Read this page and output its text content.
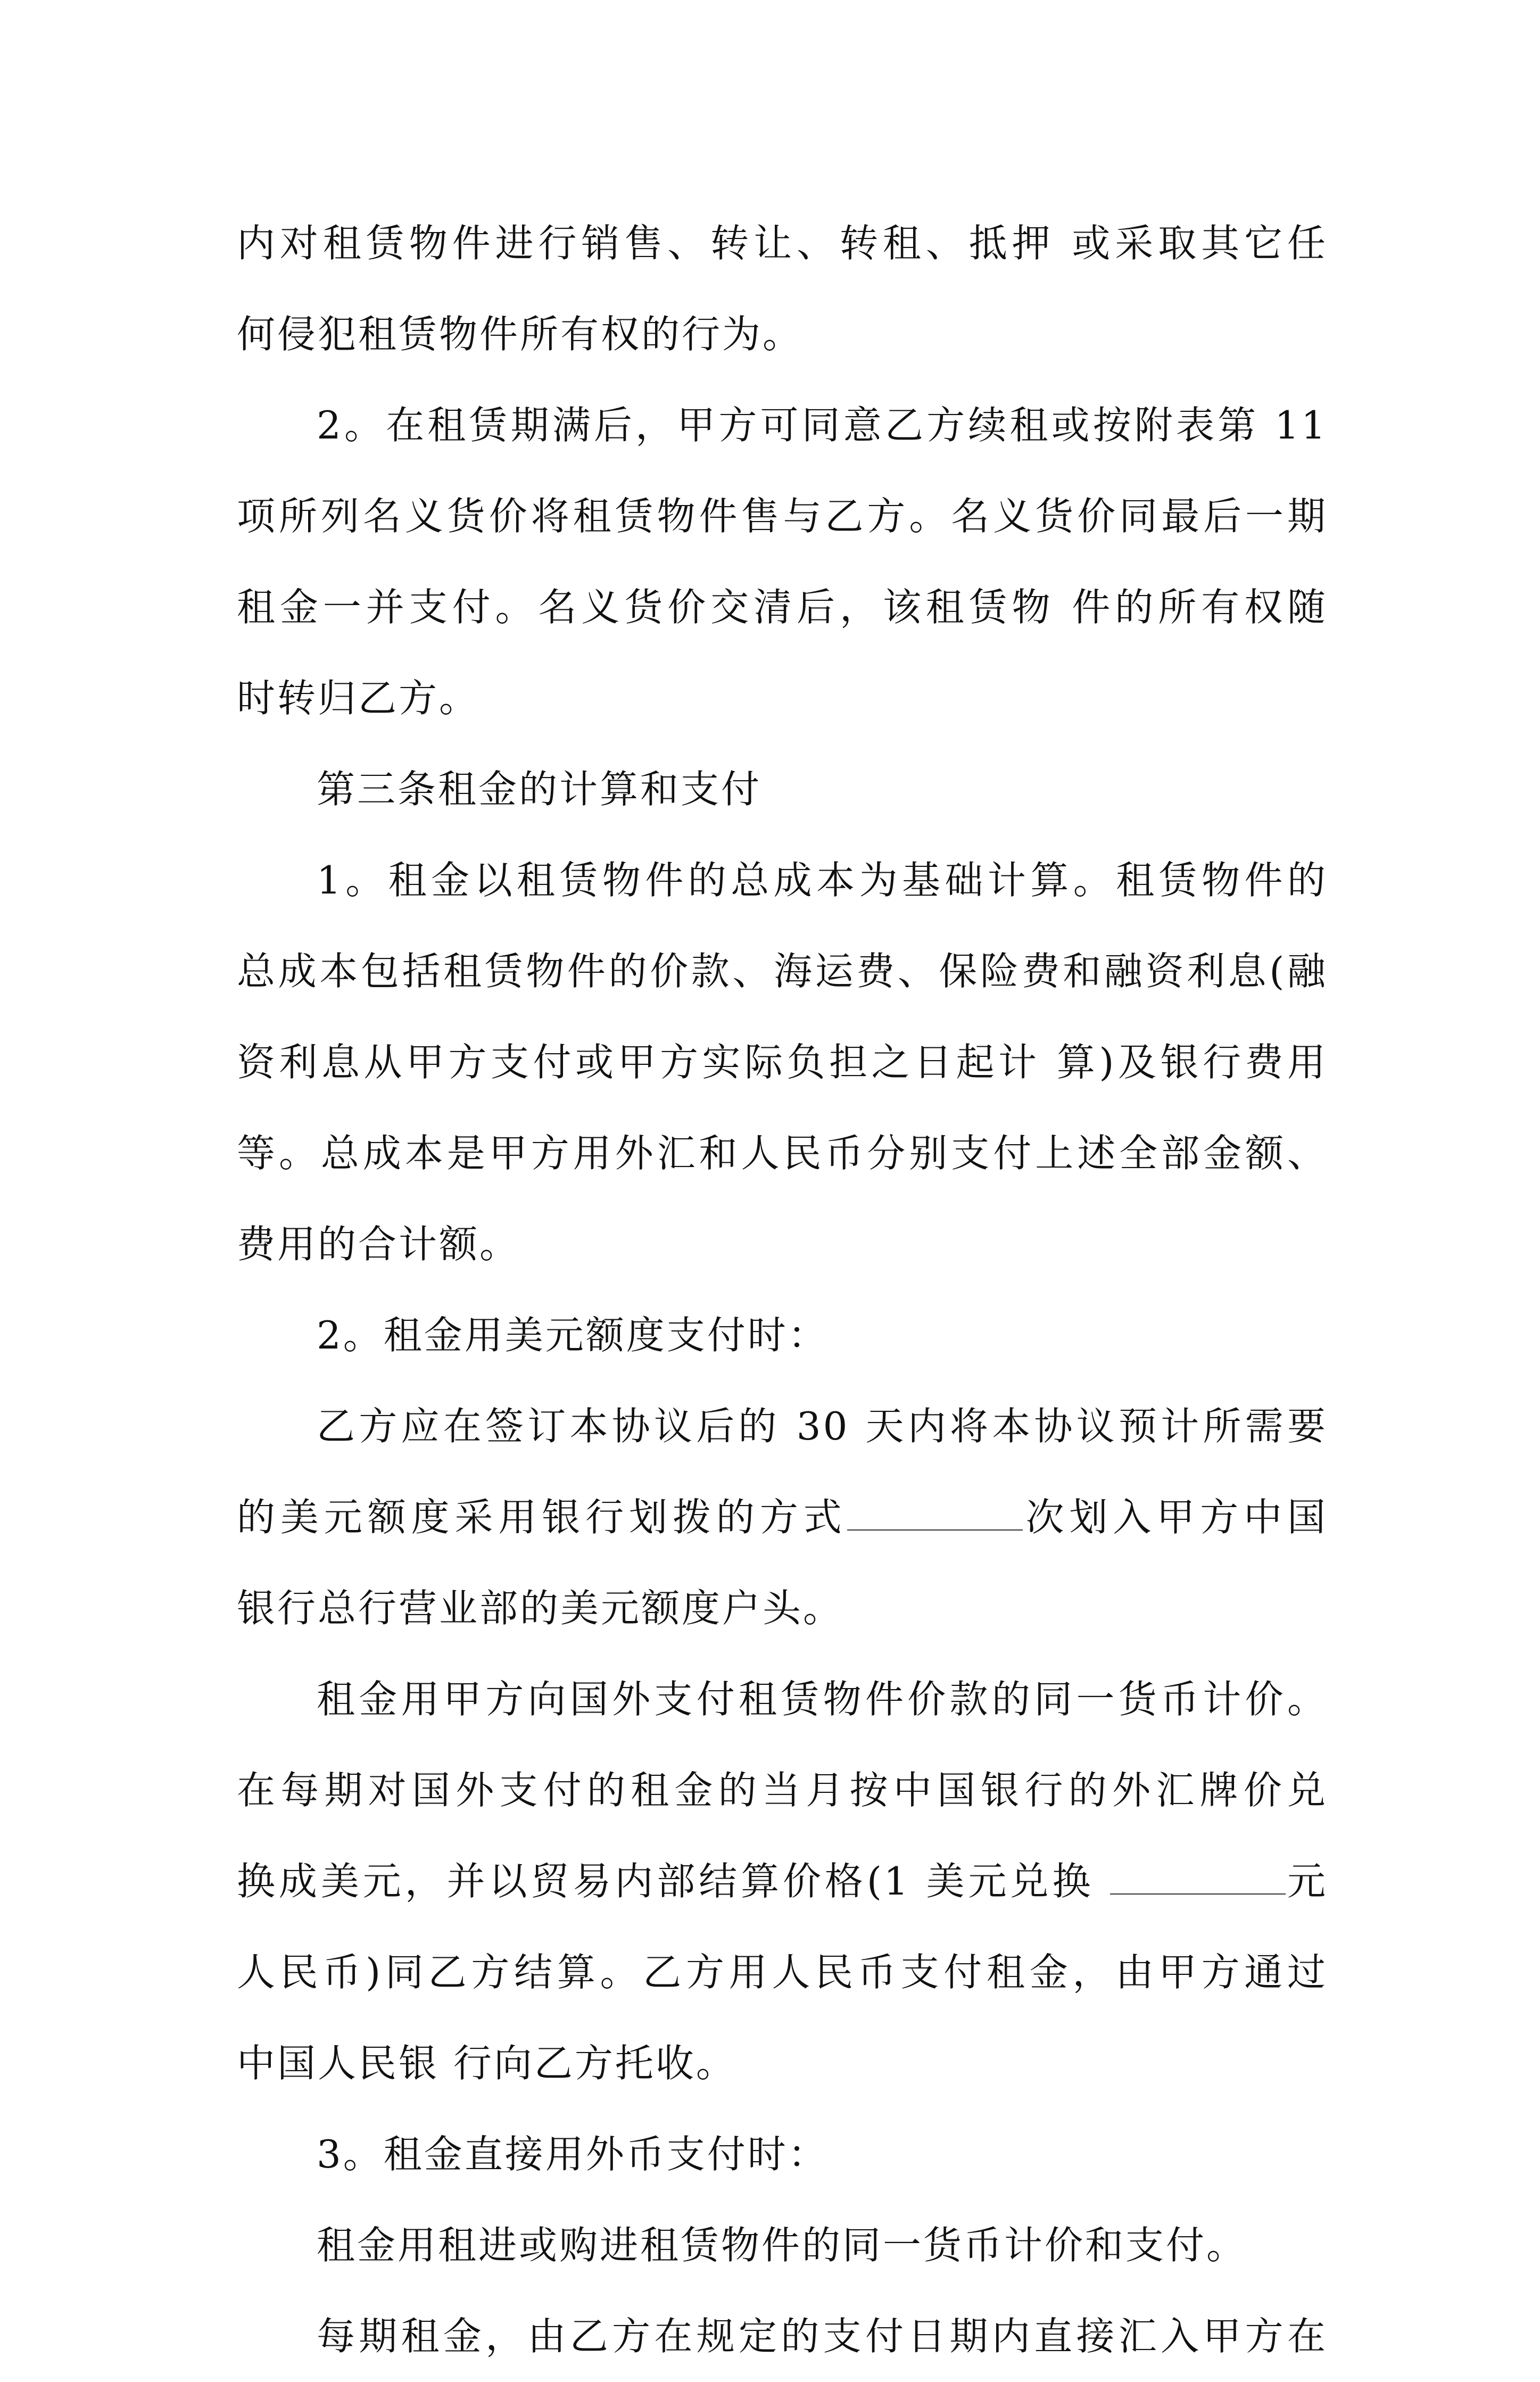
内对租赁物件进行销售、转让、转租、抵押 或采取其它任
何侵犯租赁物件所有权的行为。
2。在租赁期满后，甲方可同意乙方续租或按附表第 11
项所列名义货价将租赁物件售与乙方。名义货价同最后一期
租金一并支付。名义货价交清后，该租赁物 件的所有权随
时转归乙方。
第三条租金的计算和支付
1。租金以租赁物件的总成本为基础计算。租赁物件的
总成本包括租赁物件的价款、海运费、保险费和融资利息(融
资利息从甲方支付或甲方实际负担之日起计 算)及银行费用
等。总成本是甲方用外汇和人民币分别支付上述全部金额、
费用的合计额。
2。租金用美元额度支付时：
乙方应在签订本协议后的 30 天内将本协议预计所需要
的美元额度采用银行划拨的方式	次划入甲方中国
银行总行营业部的美元额度户头。
租金用甲方向国外支付租赁物件价款的同一货币计价。
在每期对国外支付的租金的当月按中国银行的外汇牌价兑
换成美元，并以贸易内部结算价格(1 美元兑换	元
人民币)同乙方结算。乙方用人民币支付租金，由甲方通过
中国人民银 行向乙方托收。
3。租金直接用外币支付时：
租金用租进或购进租赁物件的同一货币计价和支付。
每期租金，由乙方在规定的支付日期内直接汇入甲方在
